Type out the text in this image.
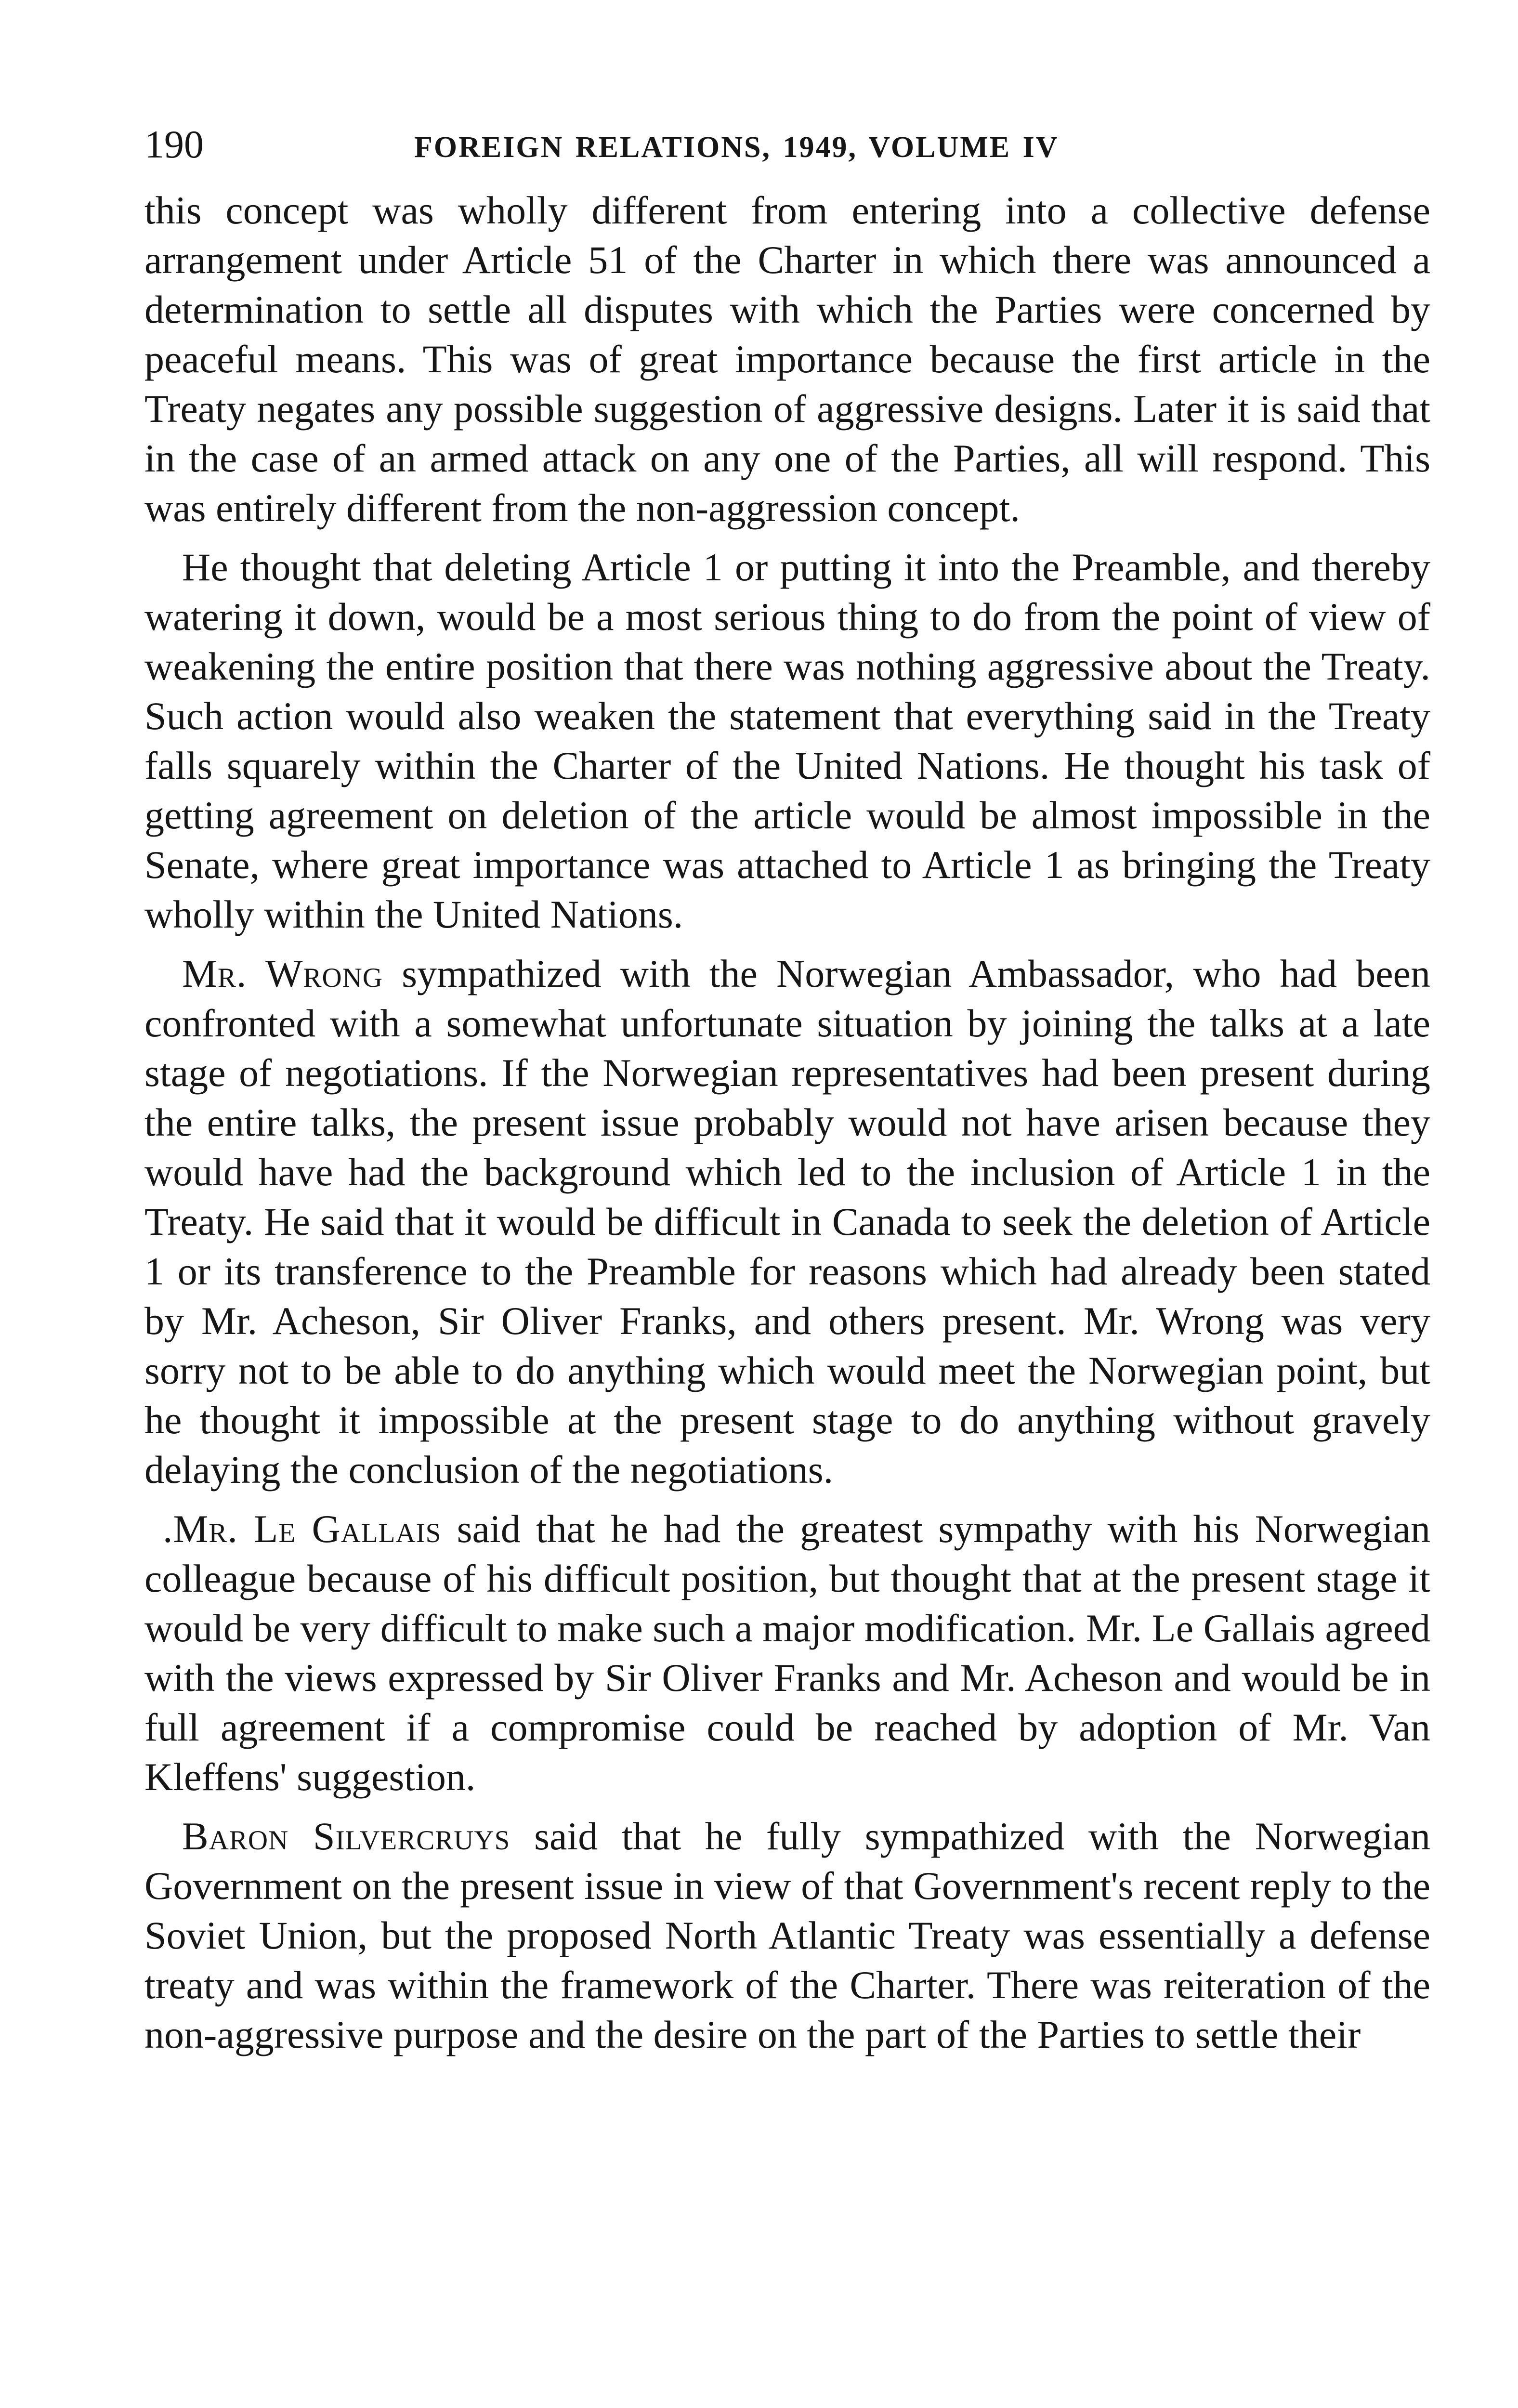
190	FOREIGN RELATIONS, 1949, VOLUME IV

this concept was wholly different from entering into a collective defense arrangement under Article 51 of the Charter in which there was announced a determination to settle all disputes with which the Parties were concerned by peaceful means. This was of great importance because the first article in the Treaty negates any possible suggestion of aggressive designs. Later it is said that in the case of an armed attack on any one of the Parties, all will respond. This was entirely different from the non-aggression concept.

He thought that deleting Article 1 or putting it into the Preamble, and thereby watering it down, would be a most serious thing to do from the point of view of weakening the entire position that there was nothing aggressive about the Treaty. Such action would also weaken the statement that everything said in the Treaty falls squarely within the Charter of the United Nations. He thought his task of getting agreement on deletion of the article would be almost impossible in the Senate, where great importance was attached to Article 1 as bringing the Treaty wholly within the United Nations.

Mr. Wrong sympathized with the Norwegian Ambassador, who had been confronted with a somewhat unfortunate situation by joining the talks at a late stage of negotiations. If the Norwegian representatives had been present during the entire talks, the present issue probably would not have arisen because they would have had the background which led to the inclusion of Article 1 in the Treaty. He said that it would be difficult in Canada to seek the deletion of Article 1 or its transference to the Preamble for reasons which had already been stated by Mr. Acheson, Sir Oliver Franks, and others present. Mr. Wrong was very sorry not to be able to do anything which would meet the Norwegian point, but he thought it impossible at the present stage to do anything without gravely delaying the conclusion of the negotiations.

.Mr. Le Gallais said that he had the greatest sympathy with his Norwegian colleague because of his difficult position, but thought that at the present stage it would be very difficult to make such a major modification. Mr. Le Gallais agreed with the views expressed by Sir Oliver Franks and Mr. Acheson and would be in full agreement if a compromise could be reached by adoption of Mr. Van Kleffens' suggestion.

Baron Silvercruys said that he fully sympathized with the Norwegian Government on the present issue in view of that Government's recent reply to the Soviet Union, but the proposed North Atlantic Treaty was essentially a defense treaty and was within the framework of the Charter. There was reiteration of the non-aggressive purpose and the desire on the part of the Parties to settle their
